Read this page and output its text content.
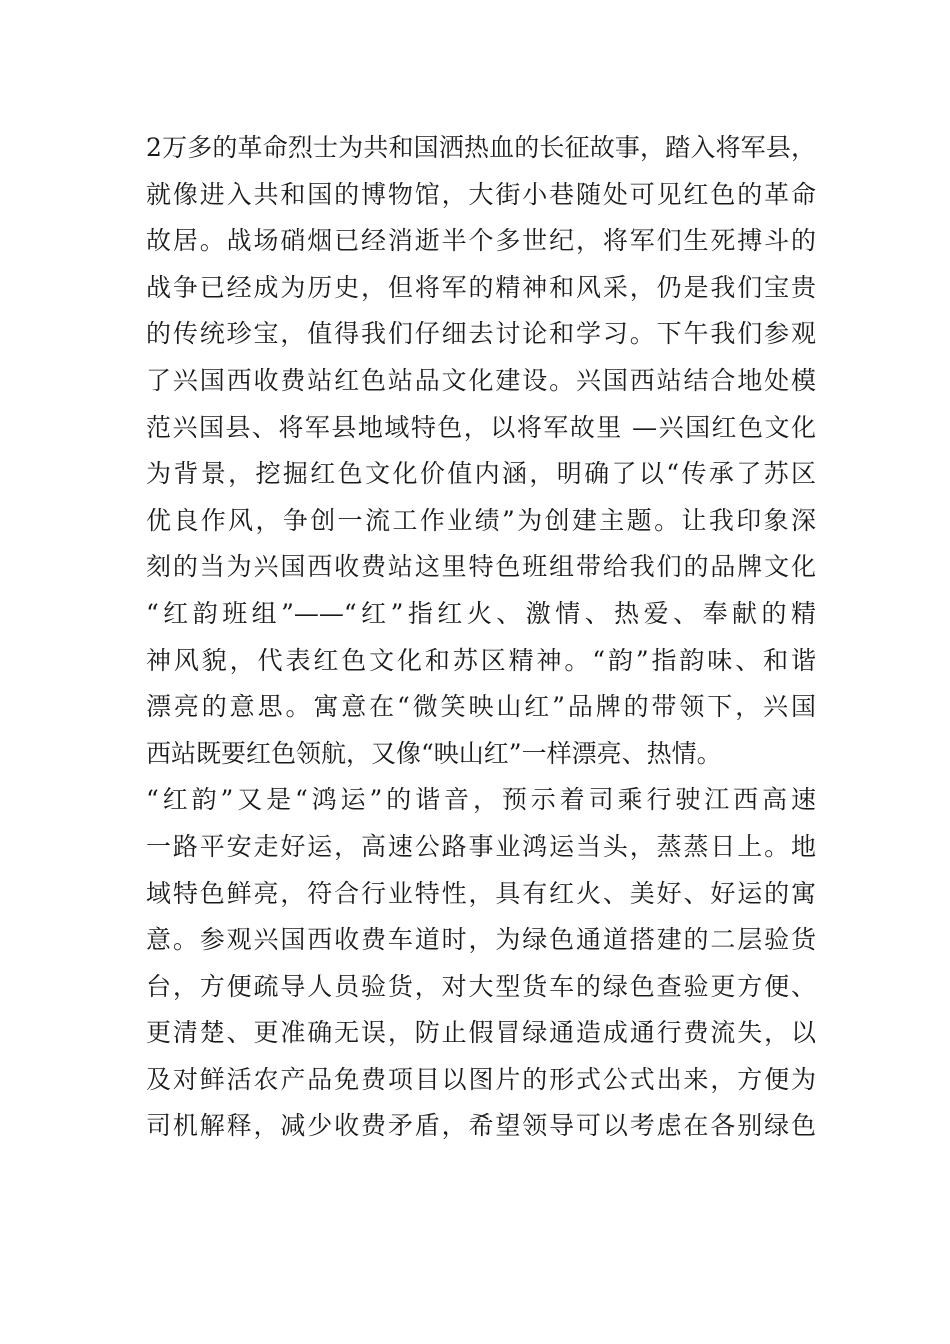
2万多的革命烈士为共和国洒热血的长征故事，踏入将军县，
就像进入共和国的博物馆，大街小巷随处可见红色的革命
故居。战场硝烟已经消逝半个多世纪，将军们生死搏斗的
战争已经成为历史，但将军的精神和风采，仍是我们宝贵
的传统珍宝，值得我们仔细去讨论和学习。下午我们参观
了兴国西收费站红色站品文化建设。兴国西站结合地处模
范兴国县、将军县地域特色，以将军故里 —兴国红色文化
为背景，挖掘红色文化价值内涵，明确了以“传承了苏区
优良作风，争创一流工作业绩”为创建主题。让我印象深
刻的当为兴国西收费站这里特色班组带给我们的品牌文化
“红韵班组”——“红”指红火、激情、热爱、奉献的精
神风貌，代表红色文化和苏区精神。“韵”指韵味、和谐
漂亮的意思。寓意在“微笑映山红”品牌的带领下，兴国
西站既要红色领航，又像“映山红”一样漂亮、热情。
“红韵”又是“鸿运”的谐音，预示着司乘行驶江西高速
一路平安走好运，高速公路事业鸿运当头，蒸蒸日上。地
域特色鲜亮，符合行业特性，具有红火、美好、好运的寓
意。参观兴国西收费车道时，为绿色通道搭建的二层验货
台，方便疏导人员验货，对大型货车的绿色查验更方便、
更清楚、更准确无误，防止假冒绿通造成通行费流失，以
及对鲜活农产品免费项目以图片的形式公式出来，方便为
司机解释，减少收费矛盾，希望领导可以考虑在各别绿色
